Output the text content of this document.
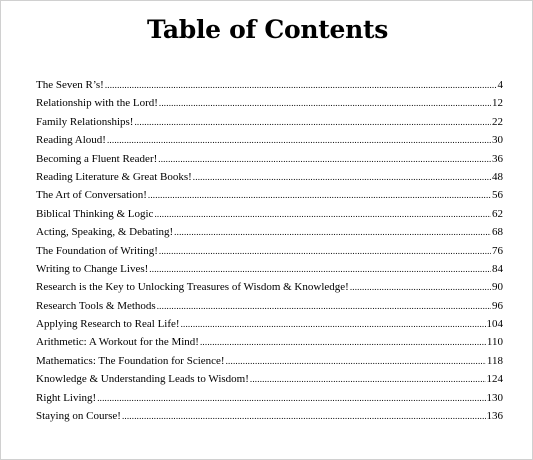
Table of Contents
The Seven R’s! .....	4
Relationship with the Lord! .....	12
Family Relationships! .....	22
Reading Aloud! .....	30
Becoming a Fluent Reader! .....	36
Reading Literature & Great Books! .....	48
The Art of Conversation! .....	56
Biblical Thinking & Logic .....	62
Acting, Speaking, & Debating! .....	68
The Foundation of Writing! .....	76
Writing to Change Lives! .....	84
Research is the Key to Unlocking Treasures of Wisdom & Knowledge! .....	90
Research Tools & Methods .....	96
Applying Research to Real Life! .....	104
Arithmetic: A Workout for the Mind! .....	110
Mathematics: The Foundation for Science! .....	118
Knowledge & Understanding Leads to Wisdom! .....	124
Right Living! .....	130
Staying on Course! .....	136
